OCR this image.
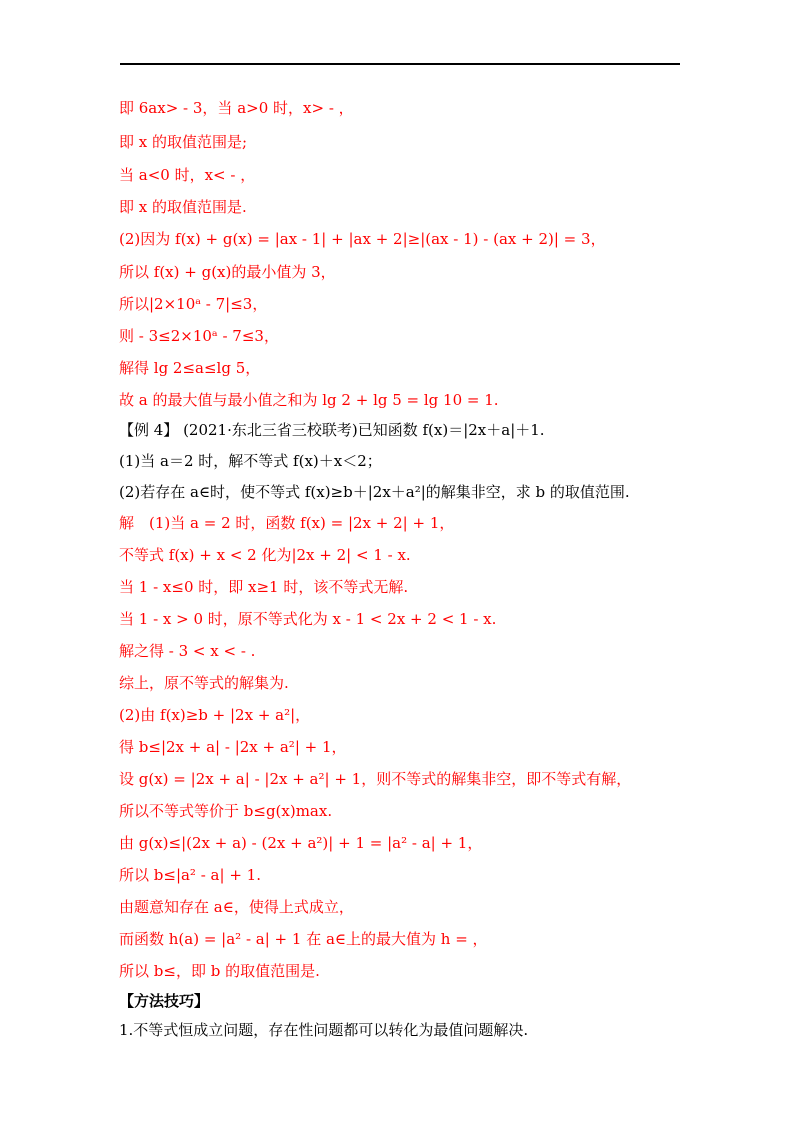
即 6ax> - 3，当 a>0 时，x> - ，
即 x 的取值范围是;
当 a<0 时，x< - ，
即 x 的取值范围是.
(2)因为 f(x) + g(x) = |ax - 1| + |ax + 2|≥|(ax - 1) - (ax + 2)| = 3，
所以 f(x) + g(x)的最小值为 3，
所以|2×10ᵃ - 7|≤3，
则 - 3≤2×10ᵃ - 7≤3，
解得 lg 2≤a≤lg 5，
故 a 的最大值与最小值之和为 lg 2 + lg 5 = lg 10 = 1.
【例 4】 (2021·东北三省三校联考)已知函数 f(x)＝|2x＋a|＋1.
(1)当 a＝2 时，解不等式 f(x)＋x＜2；
(2)若存在 a∈时，使不等式 f(x)≥b＋|2x＋a²|的解集非空，求 b 的取值范围.
解　(1)当 a = 2 时，函数 f(x) = |2x + 2| + 1，
不等式 f(x) + x < 2 化为|2x + 2| < 1 - x.
当 1 - x≤0 时，即 x≥1 时，该不等式无解.
当 1 - x > 0 时，原不等式化为 x - 1 < 2x + 2 < 1 - x.
解之得 - 3 < x < - .
综上，原不等式的解集为.
(2)由 f(x)≥b + |2x + a²|，
得 b≤|2x + a| - |2x + a²| + 1，
设 g(x) = |2x + a| - |2x + a²| + 1，则不等式的解集非空，即不等式有解，
所以不等式等价于 b≤g(x)max.
由 g(x)≤|(2x + a) - (2x + a²)| + 1 = |a² - a| + 1，
所以 b≤|a² - a| + 1.
由题意知存在 a∈，使得上式成立，
而函数 h(a) = |a² - a| + 1 在 a∈上的最大值为 h = ，
所以 b≤，即 b 的取值范围是.
【方法技巧】
1.不等式恒成立问题，存在性问题都可以转化为最值问题解决.
